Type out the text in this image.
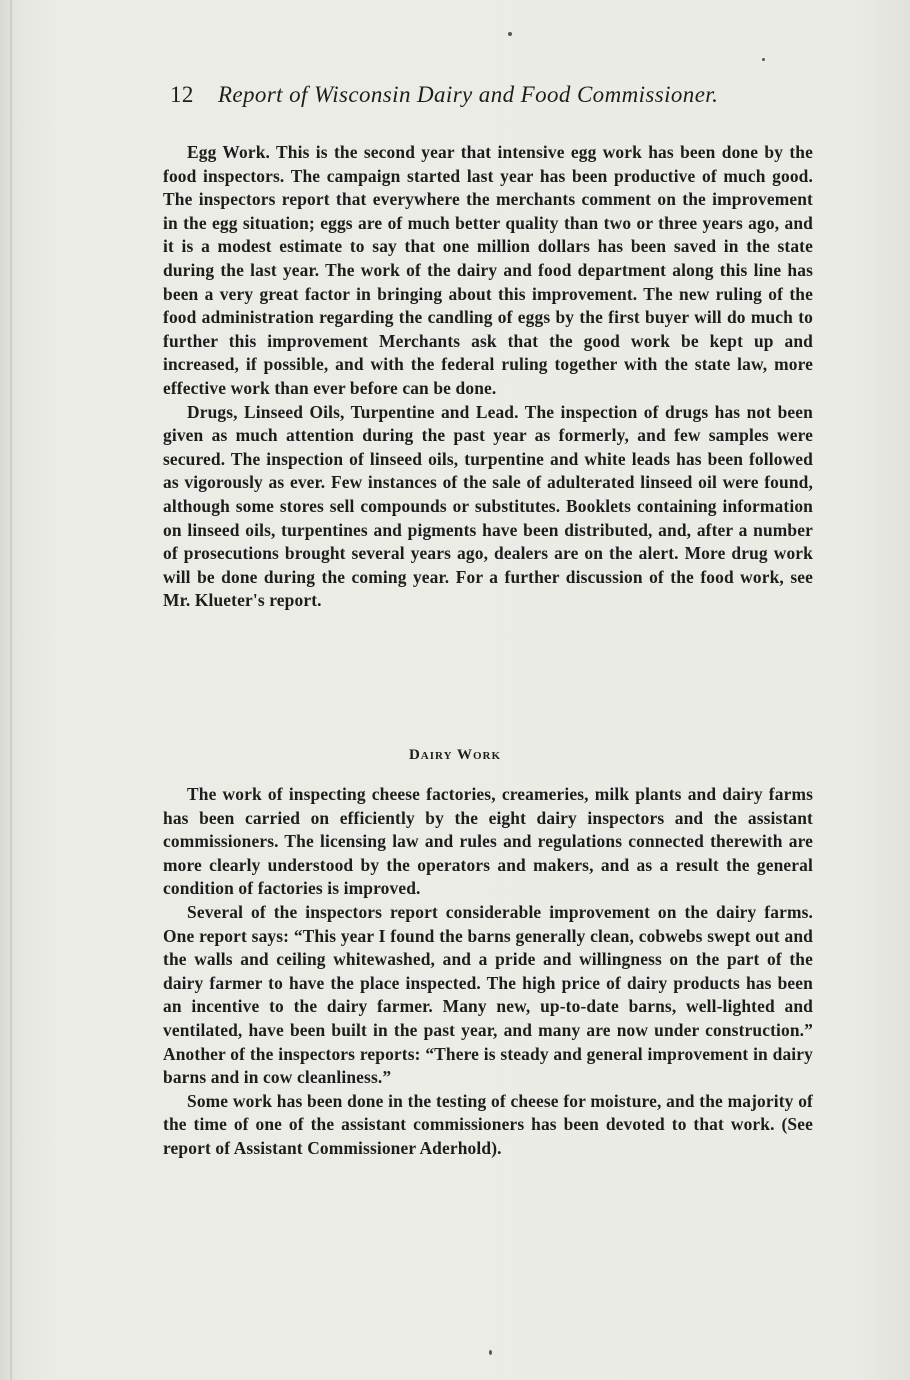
12 Report of Wisconsin Dairy and Food Commissioner.

Egg Work. This is the second year that intensive egg work has been done by the food inspectors. The campaign started last year has been productive of much good. The inspectors report that everywhere the merchants comment on the improvement in the egg situation; eggs are of much better quality than two or three years ago, and it is a modest estimate to say that one million dollars has been saved in the state during the last year. The work of the dairy and food department along this line has been a very great factor in bringing about this improvement. The new ruling of the food administration regarding the candling of eggs by the first buyer will do much to further this improvement Merchants ask that the good work be kept up and increased, if possible, and with the federal ruling together with the state law, more effective work than ever before can be done.

Drugs, Linseed Oils, Turpentine and Lead. The inspection of drugs has not been given as much attention during the past year as formerly, and few samples were secured. The inspection of linseed oils, turpentine and white leads has been followed as vigorously as ever. Few instances of the sale of adulterated linseed oil were found, although some stores sell compounds or substitutes. Booklets containing information on linseed oils, turpentines and pigments have been distributed, and, after a number of prosecutions brought several years ago, dealers are on the alert. More drug work will be done during the coming year. For a further discussion of the food work, see Mr. Klueter's report.

Dairy Work

The work of inspecting cheese factories, creameries, milk plants and dairy farms has been carried on efficiently by the eight dairy inspectors and the assistant commissioners. The licensing law and rules and regulations connected therewith are more clearly understood by the operators and makers, and as a result the general condition of factories is improved.

Several of the inspectors report considerable improvement on the dairy farms. One report says: “This year I found the barns generally clean, cobwebs swept out and the walls and ceiling whitewashed, and a pride and willingness on the part of the dairy farmer to have the place inspected. The high price of dairy products has been an incentive to the dairy farmer. Many new, up-to-date barns, well-lighted and ventilated, have been built in the past year, and many are now under construction.” Another of the inspectors reports: “There is steady and general improvement in dairy barns and in cow cleanliness.”

Some work has been done in the testing of cheese for moisture, and the majority of the time of one of the assistant commissioners has been devoted to that work. (See report of Assistant Commissioner Aderhold).
